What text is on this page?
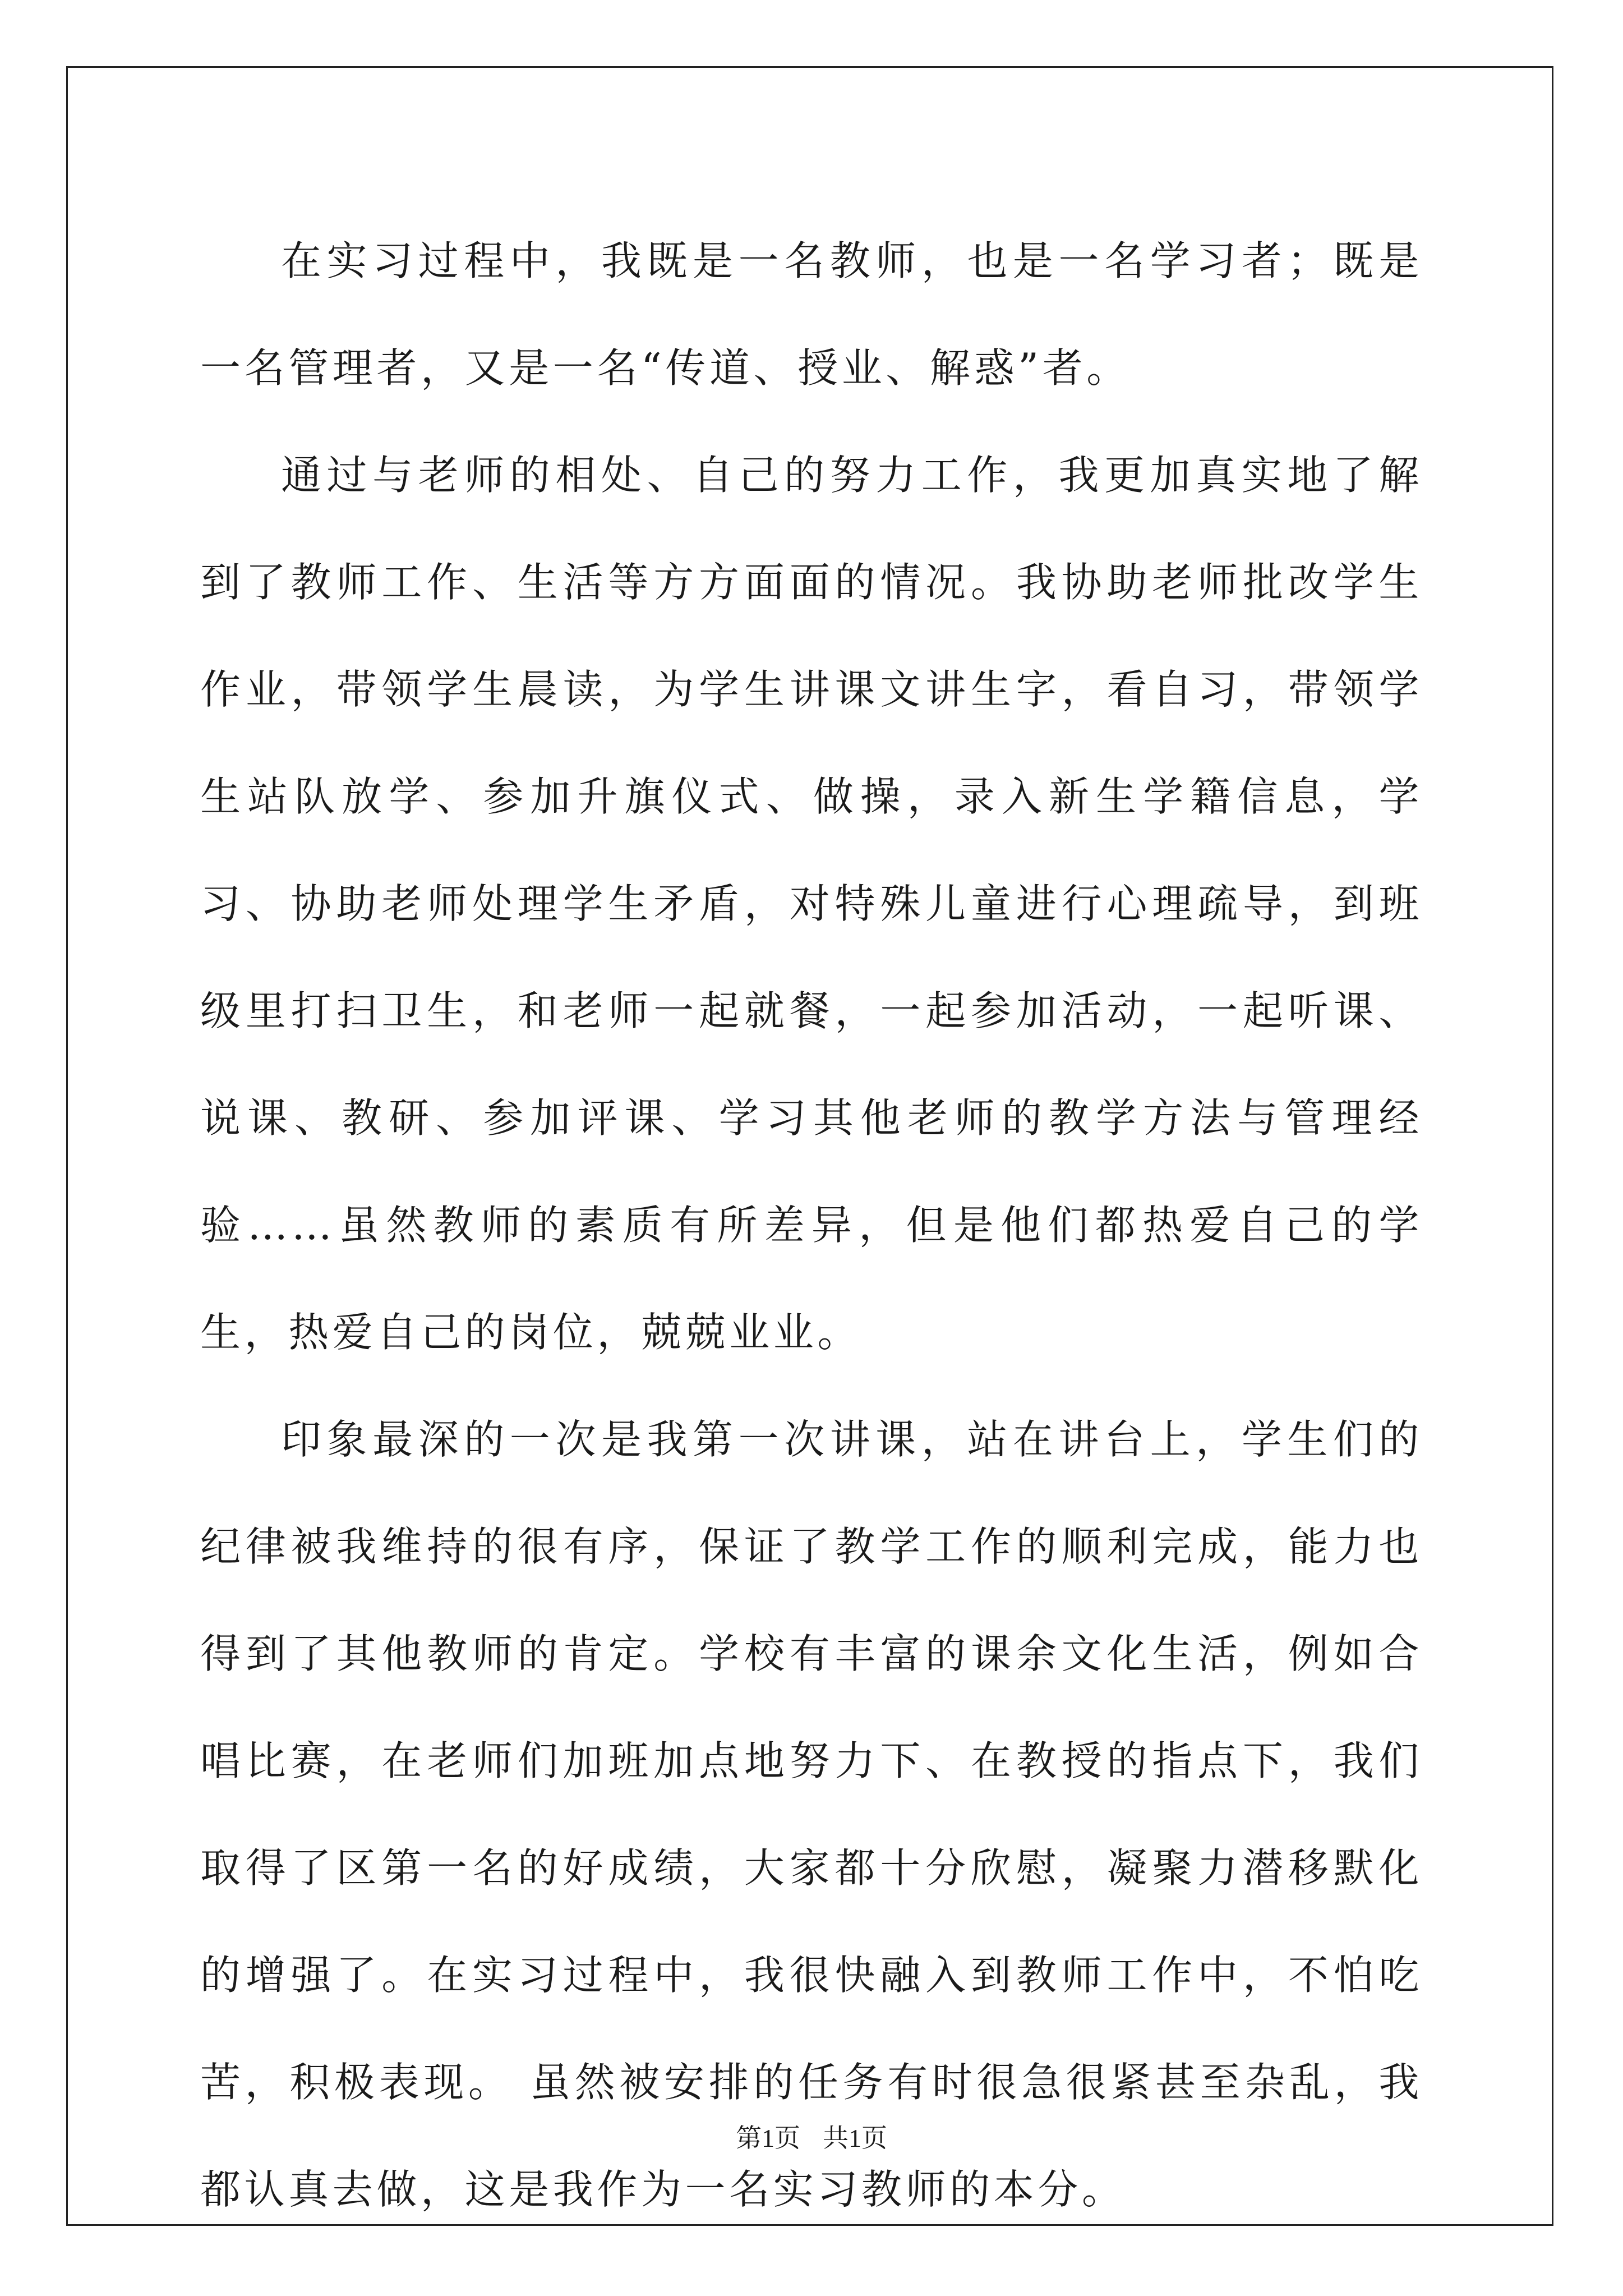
在实习过程中，我既是一名教师，也是一名学习者；既是一名管理者，又是一名“传道、授业、解惑”者。

通过与老师的相处、自己的努力工作，我更加真实地了解到了教师工作、生活等方方面面的情况。我协助老师批改学生作业，带领学生晨读，为学生讲课文讲生字，看自习，带领学生站队放学、参加升旗仪式、做操，录入新生学籍信息，学习、协助老师处理学生矛盾，对特殊儿童进行心理疏导，到班级里打扫卫生，和老师一起就餐，一起参加活动，一起听课、说课、教研、参加评课、学习其他老师的教学方法与管理经验……虽然教师的素质有所差异，但是他们都热爱自己的学生，热爱自己的岗位，兢兢业业。

印象最深的一次是我第一次讲课，站在讲台上，学生们的纪律被我维持的很有序，保证了教学工作的顺利完成，能力也得到了其他教师的肯定。学校有丰富的课余文化生活，例如合唱比赛，在老师们加班加点地努力下、在教授的指点下，我们取得了区第一名的好成绩，大家都十分欣慰，凝聚力潜移默化的增强了。在实习过程中，我很快融入到教师工作中，不怕吃苦，积极表现。 虽然被安排的任务有时很急很紧甚至杂乱，我都认真去做，这是我作为一名实习教师的本分。

第1页 共1页
